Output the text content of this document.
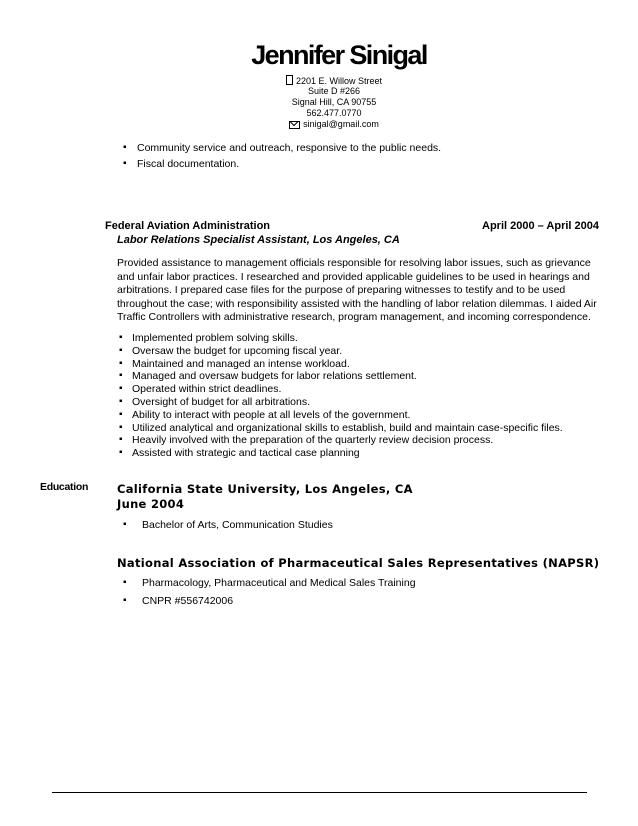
Jennifer Sinigal
2201 E. Willow Street
Suite D #266
Signal Hill, CA 90755
562.477.0770
sinigal@gmail.com
▪ Community service and outreach, responsive to the public needs.
▪ Fiscal documentation.
Federal Aviation Administration	April 2000 – April 2004
Labor Relations Specialist Assistant, Los Angeles, CA
Provided assistance to management officials responsible for resolving labor issues, such as grievance and unfair labor practices. I researched and provided applicable guidelines to be used in hearings and arbitrations. I prepared case files for the purpose of preparing witnesses to testify and to be used throughout the case; with responsibility assisted with the handling of labor relation dilemmas. I aided Air Traffic Controllers with administrative research, program management, and incoming correspondence.
▪ Implemented problem solving skills.
▪ Oversaw the budget for upcoming fiscal year.
▪ Maintained and managed an intense workload.
▪ Managed and oversaw budgets for labor relations settlement.
▪ Operated within strict deadlines.
▪ Oversight of budget for all arbitrations.
▪ Ability to interact with people at all levels of the government.
▪ Utilized analytical and organizational skills to establish, build and maintain case-specific files.
▪ Heavily involved with the preparation of the quarterly review decision process.
▪ Assisted with strategic and tactical case planning
Education	California State University, Los Angeles, CA
June 2004
▪ Bachelor of Arts, Communication Studies
National Association of Pharmaceutical Sales Representatives (NAPSR)
▪ Pharmacology, Pharmaceutical and Medical Sales Training
▪ CNPR #556742006
